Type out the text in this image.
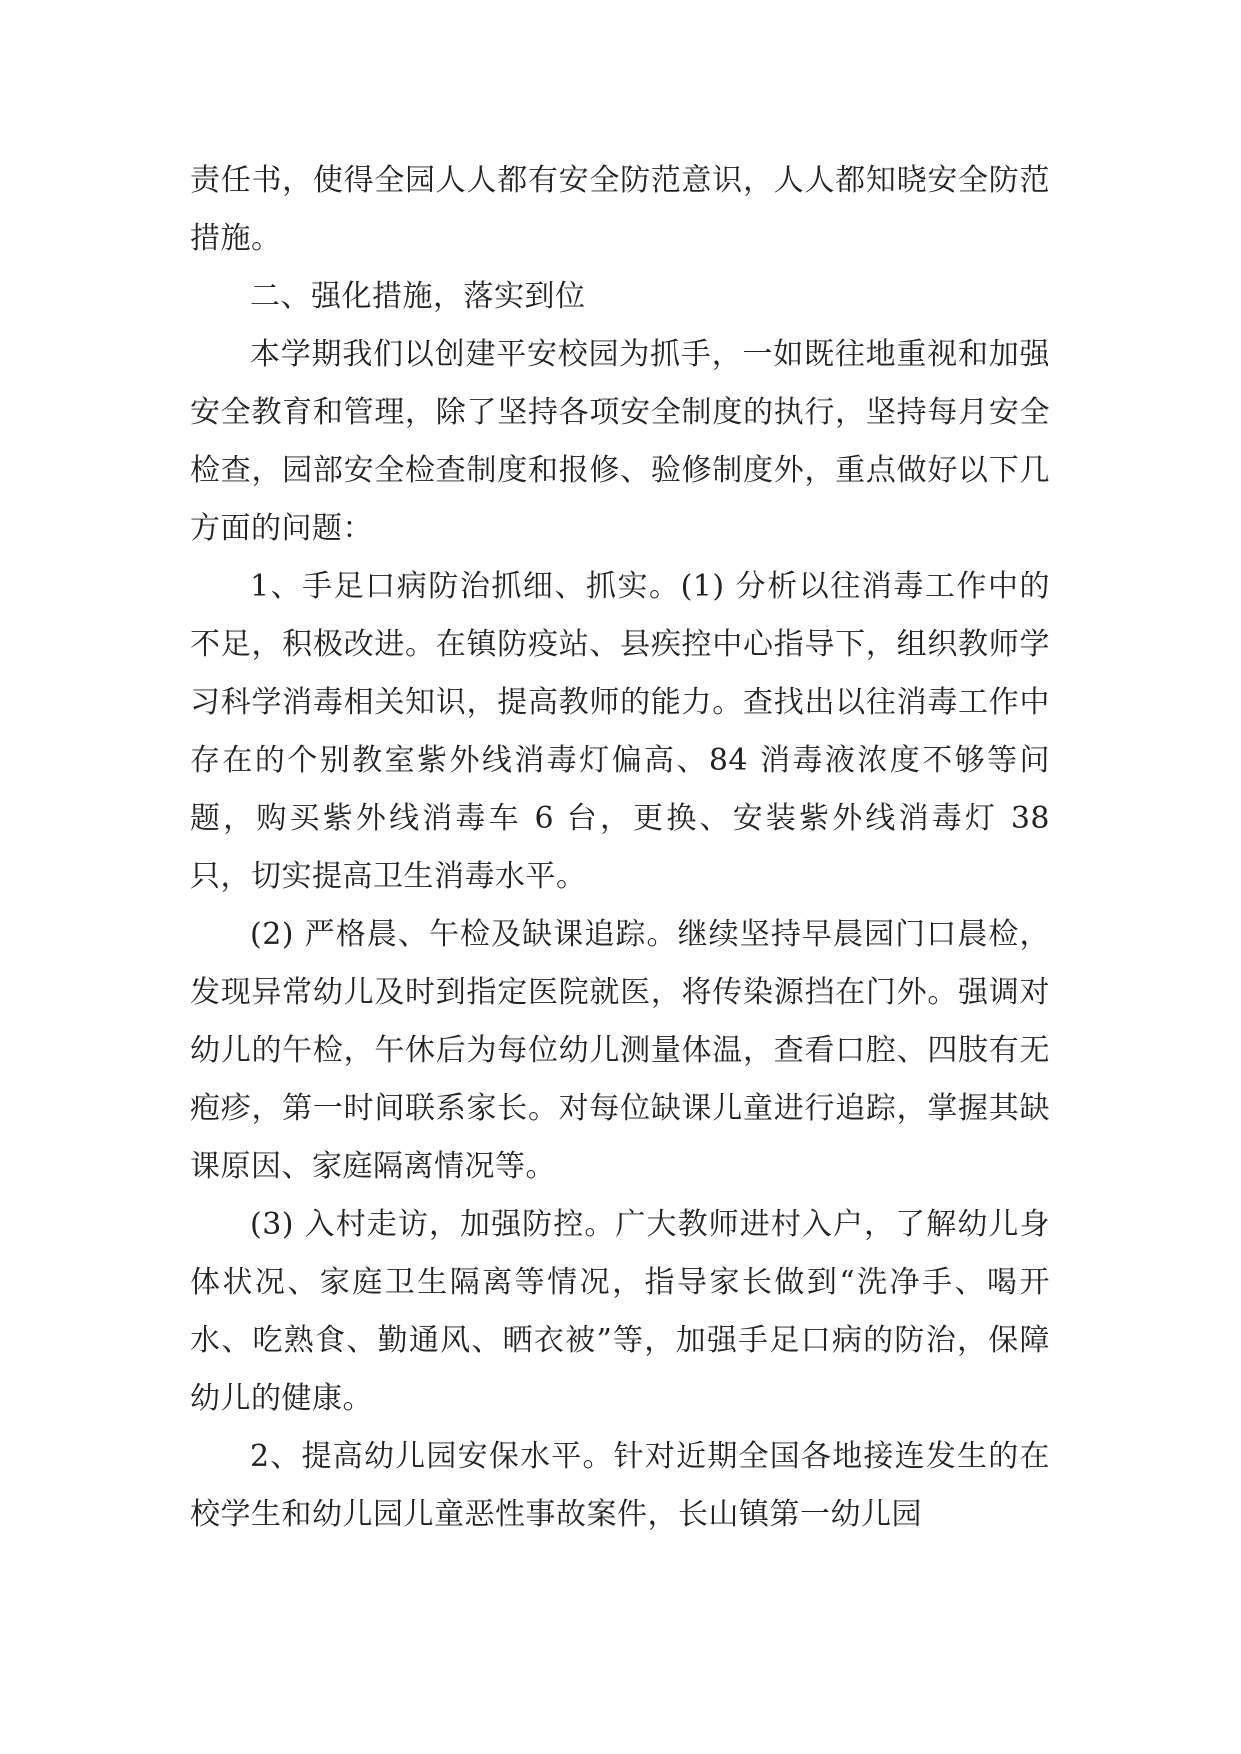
责任书，使得全园人人都有安全防范意识，人人都知晓安全防范措施。

二、强化措施，落实到位

本学期我们以创建平安校园为抓手，一如既往地重视和加强安全教育和管理，除了坚持各项安全制度的执行，坚持每月安全检查，园部安全检查制度和报修、验修制度外，重点做好以下几方面的问题：

1、手足口病防治抓细、抓实。(1) 分析以往消毒工作中的不足，积极改进。在镇防疫站、县疾控中心指导下，组织教师学习科学消毒相关知识，提高教师的能力。查找出以往消毒工作中存在的个别教室紫外线消毒灯偏高、84 消毒液浓度不够等问题，购买紫外线消毒车 6 台，更换、安装紫外线消毒灯 38 只，切实提高卫生消毒水平。

(2) 严格晨、午检及缺课追踪。继续坚持早晨园门口晨检，发现异常幼儿及时到指定医院就医，将传染源挡在门外。强调对幼儿的午检，午休后为每位幼儿测量体温，查看口腔、四肢有无疱疹，第一时间联系家长。对每位缺课儿童进行追踪，掌握其缺课原因、家庭隔离情况等。

(3) 入村走访，加强防控。广大教师进村入户，了解幼儿身体状况、家庭卫生隔离等情况，指导家长做到“洗净手、喝开水、吃熟食、勤通风、晒衣被”等，加强手足口病的防治，保障幼儿的健康。

2、提高幼儿园安保水平。针对近期全国各地接连发生的在校学生和幼儿园儿童恶性事故案件，长山镇第一幼儿园
